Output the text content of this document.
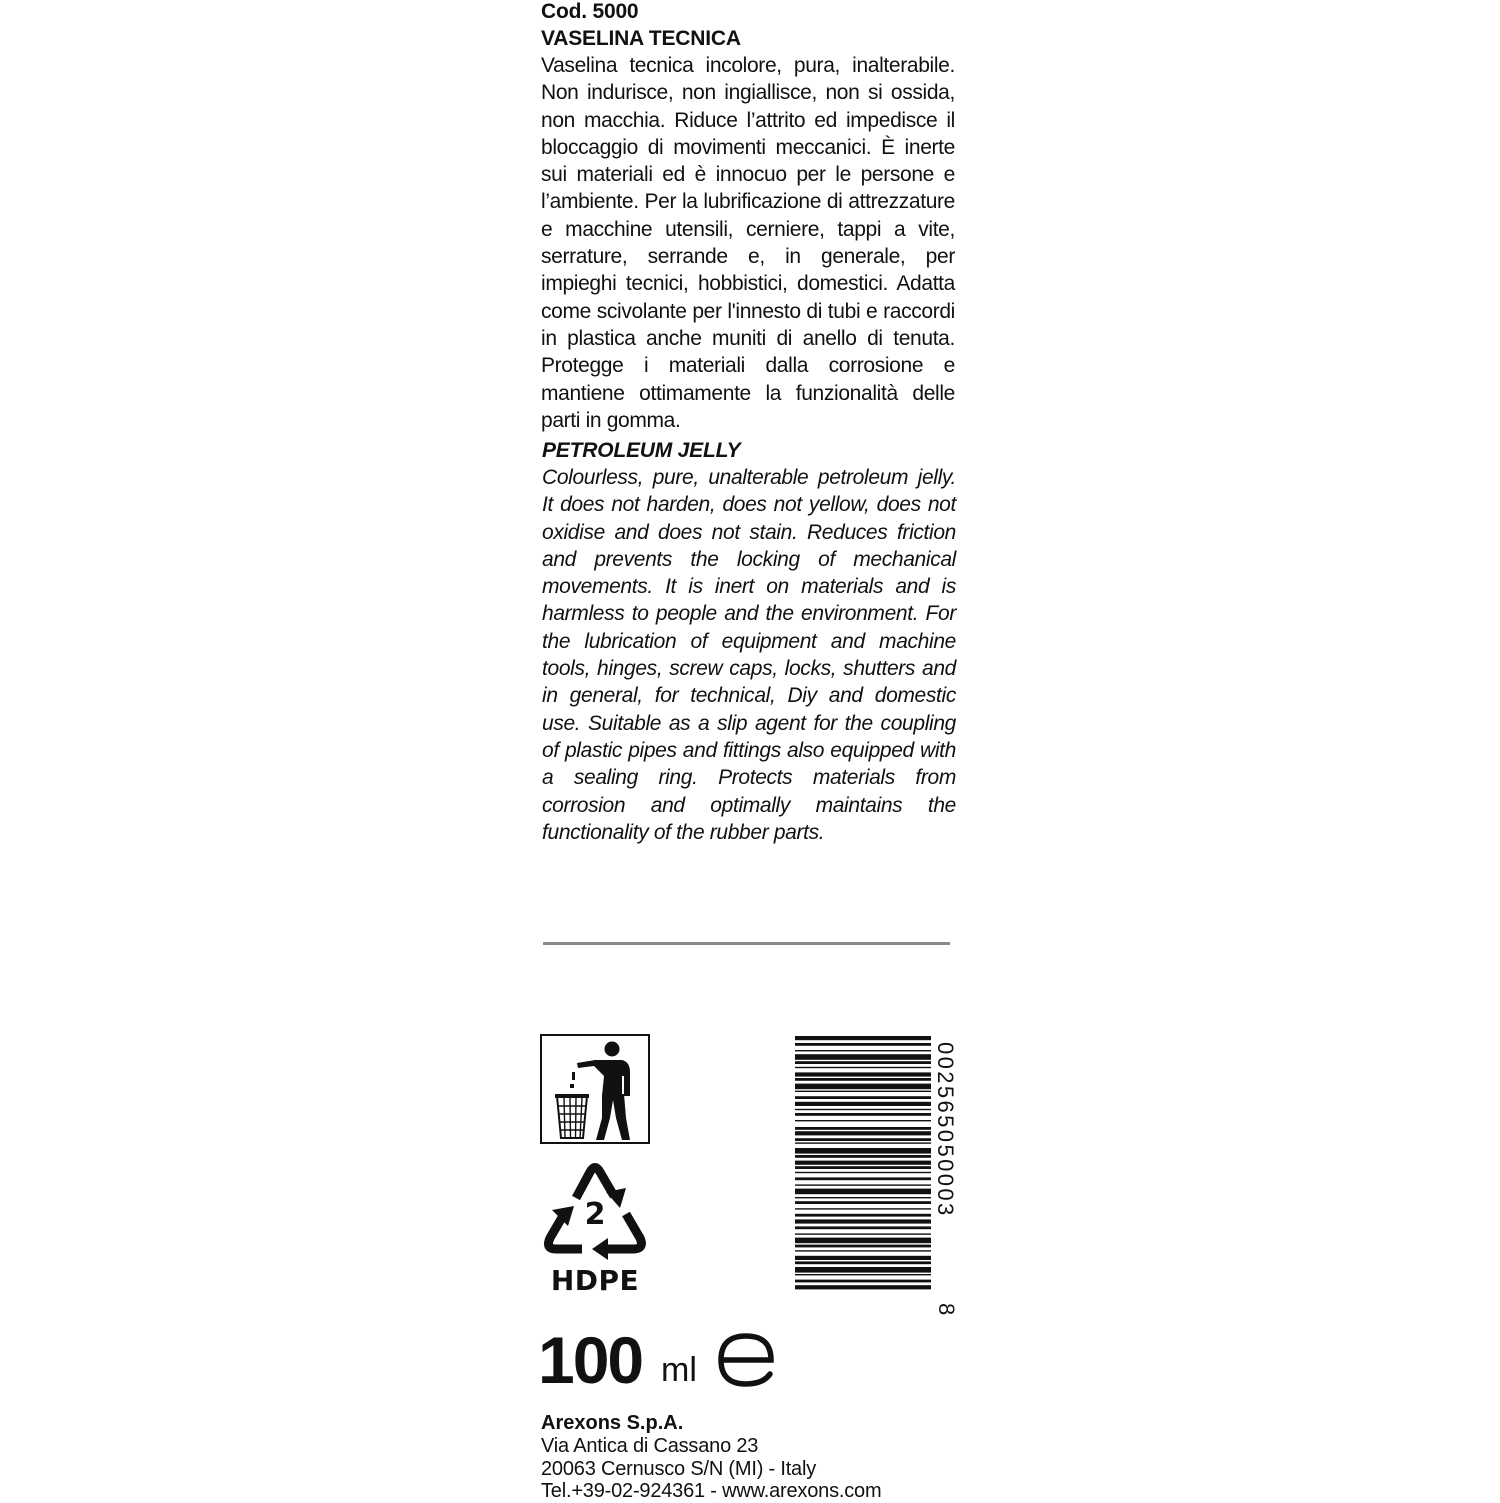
Cod. 5000
VASELINA TECNICA
Vaselina tecnica incolore, pura, inalterabile. Non indurisce, non ingiallisce, non si ossida, non macchia. Riduce l’attrito ed impedisce il bloccaggio di movimenti meccanici. È inerte sui materiali ed è innocuo per le persone e l’ambiente. Per la lubrificazione di attrezzature e macchine utensili, cerniere, tappi a vite, serrature, serrande e, in generale, per impieghi tecnici, hobbistici, domestici. Adatta come scivolante per l'innesto di tubi e raccordi in plastica anche muniti di anello di tenuta. Protegge i materiali dalla corrosione e mantiene ottimamente la funzionalità delle parti in gomma.
PETROLEUM JELLY
Colourless, pure, unalterable petroleum jelly. It does not harden, does not yellow, does not oxidise and does not stain. Reduces friction and prevents the locking of mechanical movements. It is inert on materials and is harmless to people and the environment. For the lubrication of equipment and machine tools, hinges, screw caps, locks, shutters and in general, for technical, Diy and domestic use. Suitable as a slip agent for the coupling of plastic pipes and fittings also equipped with a sealing ring. Protects materials from corrosion and optimally maintains the functionality of the rubber parts.
2
HDPE
100 ml
002565050003
8
Arexons S.p.A.
Via Antica di Cassano 23
20063 Cernusco S/N (MI) - Italy
Tel.+39-02-924361 - www.arexons.com
